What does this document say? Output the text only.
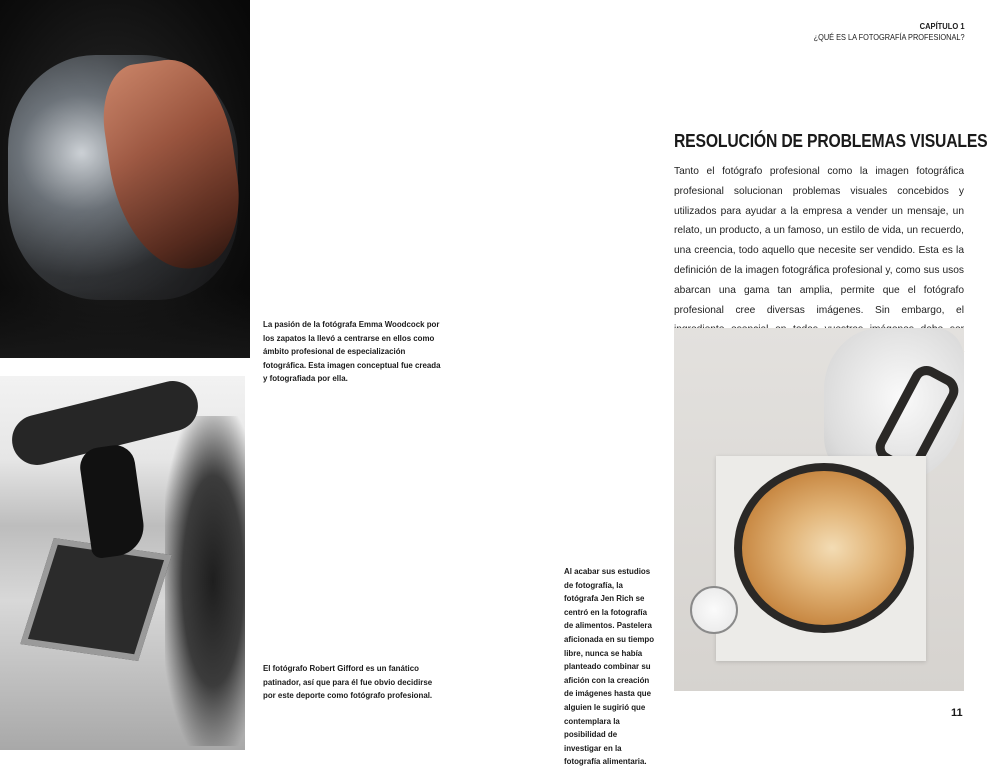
La pasión de la fotógrafa Emma Woodcock por los zapatos la llevó a centrarse en ellos como ámbito profesional de especialización fotográfica. Esta imagen conceptual fue creada y fotografiada por ella.
El fotógrafo Robert Gifford es un fanático patinador, así que para él fue obvio decidirse por este deporte como fotógrafo profesional.
CAPÍTULO 1
¿QUÉ ES LA FOTOGRAFÍA PROFESIONAL?
RESOLUCIÓN DE PROBLEMAS VISUALES
Tanto el fotógrafo profesional como la imagen fotográfica profesional solucionan problemas visuales concebidos y utilizados para ayudar a la empresa a vender un mensaje, un relato, un producto, a un famoso, un estilo de vida, un recuerdo, una creencia, todo aquello que necesite ser vendido. Esta es la definición de la imagen fotográfica profesional y, como sus usos abarcan una gama tan amplia, permite que el fotógrafo profesional cree diversas imágenes. Sin embargo, el
Al acabar sus estudios de fotografía, la fotógrafa Jen Rich se centró en la fotografía de alimentos. Pastelera aficionada en su tiempo libre, nunca se había planteado combinar su afición con la creación de imágenes hasta que alguien le sugirió que contemplara la posibilidad de investigar en la fotografía alimentaria.
11
